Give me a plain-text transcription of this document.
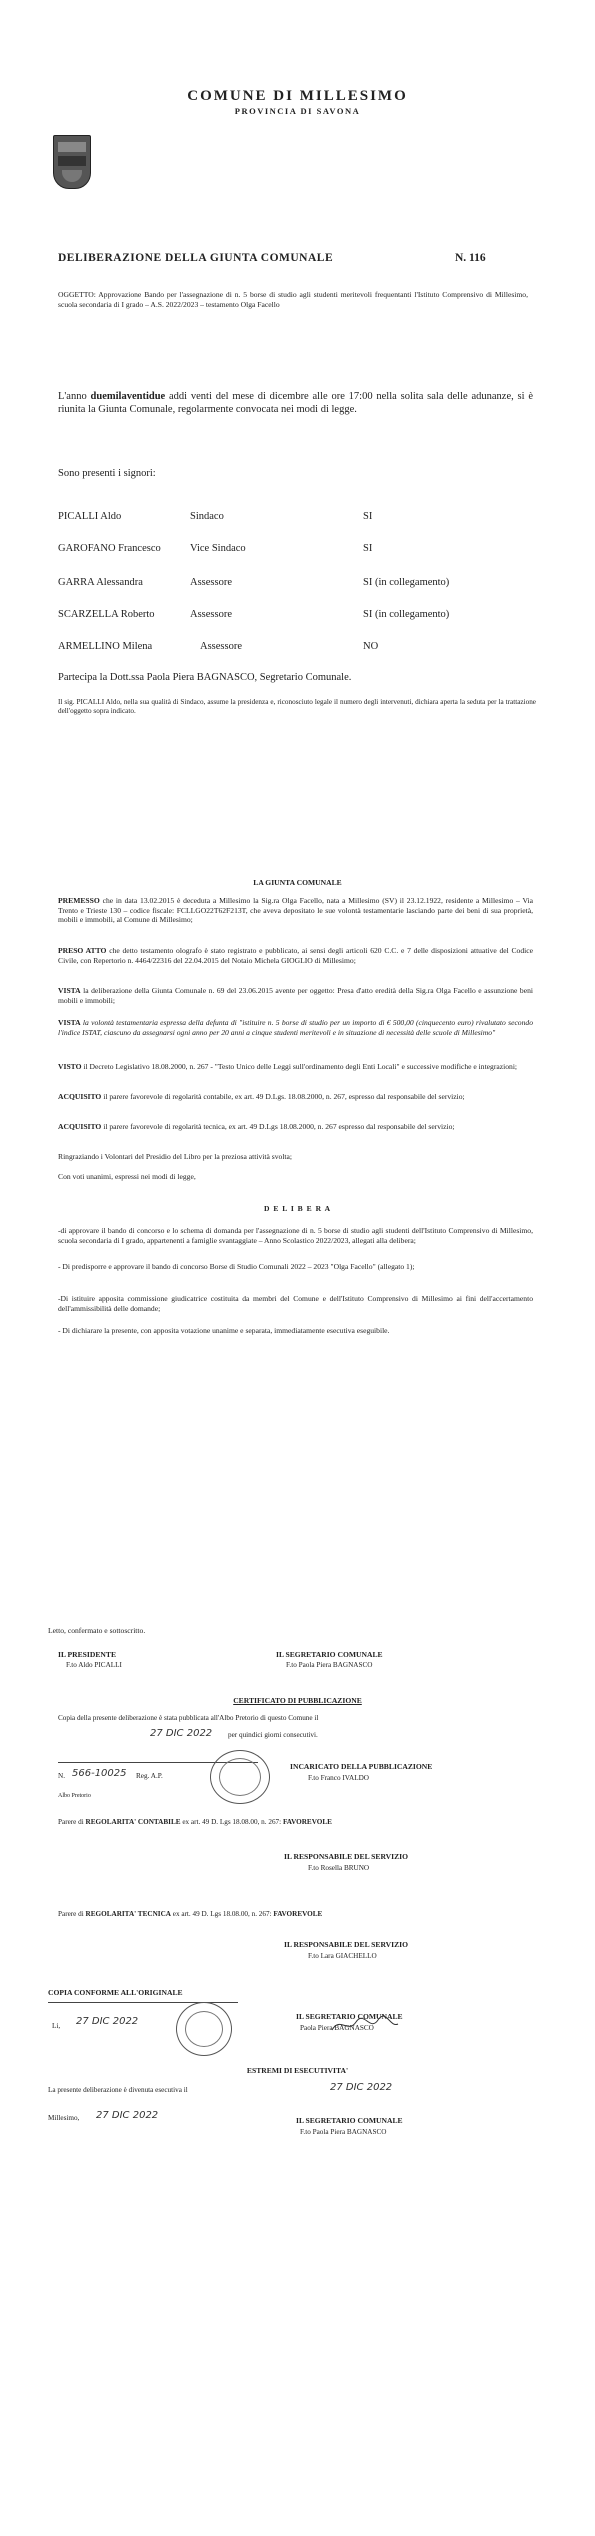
COMUNE DI MILLESIMO
PROVINCIA DI SAVONA
DELIBERAZIONE DELLA GIUNTA COMUNALE	N. 116
OGGETTO: Approvazione Bando per l'assegnazione di n. 5 borse di studio agli studenti meritevoli frequentanti l'Istituto Comprensivo di Millesimo, scuola secondaria di I grado – A.S. 2022/2023 – testamento Olga Facello
L'anno duemilaventidue addi venti del mese di dicembre alle ore 17:00 nella solita sala delle adunanze, si è riunita la Giunta Comunale, regolarmente convocata nei modi di legge.
Sono presenti i signori:
PICALLI Aldo	Sindaco	SI
GAROFANO Francesco	Vice Sindaco	SI
GARRA Alessandra	Assessore	SI (in collegamento)
SCARZELLA Roberto	Assessore	SI (in collegamento)
ARMELLINO Milena	Assessore	NO
Partecipa la Dott.ssa Paola Piera BAGNASCO, Segretario Comunale.
Il sig. PICALLI Aldo, nella sua qualità di Sindaco, assume la presidenza e, riconosciuto legale il numero degli intervenuti, dichiara aperta la seduta per la trattazione dell'oggetto sopra indicato.
LA GIUNTA COMUNALE
PREMESSO che in data 13.02.2015 è deceduta a Millesimo la Sig.ra Olga Facello, nata a Millesimo (SV) il 23.12.1922, residente a Millesimo – Via Trento e Trieste 130 – codice fiscale: FCLLGO22T62F213T, che aveva depositato le sue volontà testamentarie lasciando parte dei beni di sua proprietà, mobili e immobili, al Comune di Millesimo;
PRESO ATTO che detto testamento olografo è stato registrato e pubblicato, ai sensi degli articoli 620 C.C. e 7 delle disposizioni attuative del Codice Civile, con Repertorio n. 4464/22316 del 22.04.2015 del Notaio Michela GIOGLIO di Millesimo;
VISTA la deliberazione della Giunta Comunale n. 69 del 23.06.2015 avente per oggetto: Presa d'atto eredità della Sig.ra Olga Facello e assunzione beni mobili e immobili;
VISTA la volontà testamentaria espressa della defunta di "istituire n. 5 borse di studio per un importo di € 500,00 (cinquecento euro) rivalutato secondo l'indice ISTAT, ciascuno da assegnarsi ogni anno per 20 anni a cinque studenti meritevoli e in situazione di necessità delle scuole di Millesimo"
VISTO il Decreto Legislativo 18.08.2000, n. 267 - "Testo Unico delle Leggi sull'ordinamento degli Enti Locali" e successive modifiche e integrazioni;
ACQUISITO il parere favorevole di regolarità contabile, ex art. 49 D.Lgs. 18.08.2000, n. 267, espresso dal responsabile del servizio;
ACQUISITO il parere favorevole di regolarità tecnica, ex art. 49 D.Lgs 18.08.2000, n. 267 espresso dal responsabile del servizio;
Ringraziando i Volontari del Presidio del Libro per la preziosa attività svolta;
Con voti unanimi, espressi nei modi di legge,
D E L I B E R A
-di approvare il bando di concorso e lo schema di domanda per l'assegnazione di n. 5 borse di studio agli studenti dell'Istituto Comprensivo di Millesimo, scuola secondaria di I grado, appartenenti a famiglie svantaggiate – Anno Scolastico 2022/2023, allegati alla delibera;
- Di predisporre e approvare il bando di concorso Borse di Studio Comunali 2022 – 2023 "Olga Facello" (allegato 1);
-Di istituire apposita commissione giudicatrice costituita da membri del Comune e dell'Istituto Comprensivo di Millesimo ai fini dell'accertamento dell'ammissibilità delle domande;
- Di dichiarare la presente, con apposita votazione unanime e separata, immediatamente esecutiva eseguibile.
Letto, confermato e sottoscritto.
IL PRESIDENTE
F.to Aldo PICALLI
IL SEGRETARIO COMUNALE
F.to Paola Piera BAGNASCO
CERTIFICATO DI PUBBLICAZIONE
Copia della presente deliberazione è stata pubblicata all'Albo Pretorio di questo Comune il
27 DIC 2022 per quindici giorni consecutivi.
N. 566-10025 Reg. A.P.
Albo Pretorio
INCARICATO DELLA PUBBLICAZIONE
F.to Franco IVALDO
Parere di REGOLARITA' CONTABILE ex art. 49 D. Lgs 18.08.00, n. 267: FAVOREVOLE
IL RESPONSABILE DEL SERVIZIO
F.to Rosella BRUNO
Parere di REGOLARITA' TECNICA ex art. 49 D. Lgs 18.08.00, n. 267: FAVOREVOLE
IL RESPONSABILE DEL SERVIZIO
F.to Lara GIACHELLO
COPIA CONFORME ALL'ORIGINALE
Li, 27 DIC 2022	IL SEGRETARIO COMUNALE
Paola Piera BAGNASCO
ESTREMI DI ESECUTIVITA'
La presente deliberazione è divenuta esecutiva il	27 DIC 2022
Millesimo, 27 DIC 2022	IL SEGRETARIO COMUNALE
F.to Paola Piera BAGNASCO
